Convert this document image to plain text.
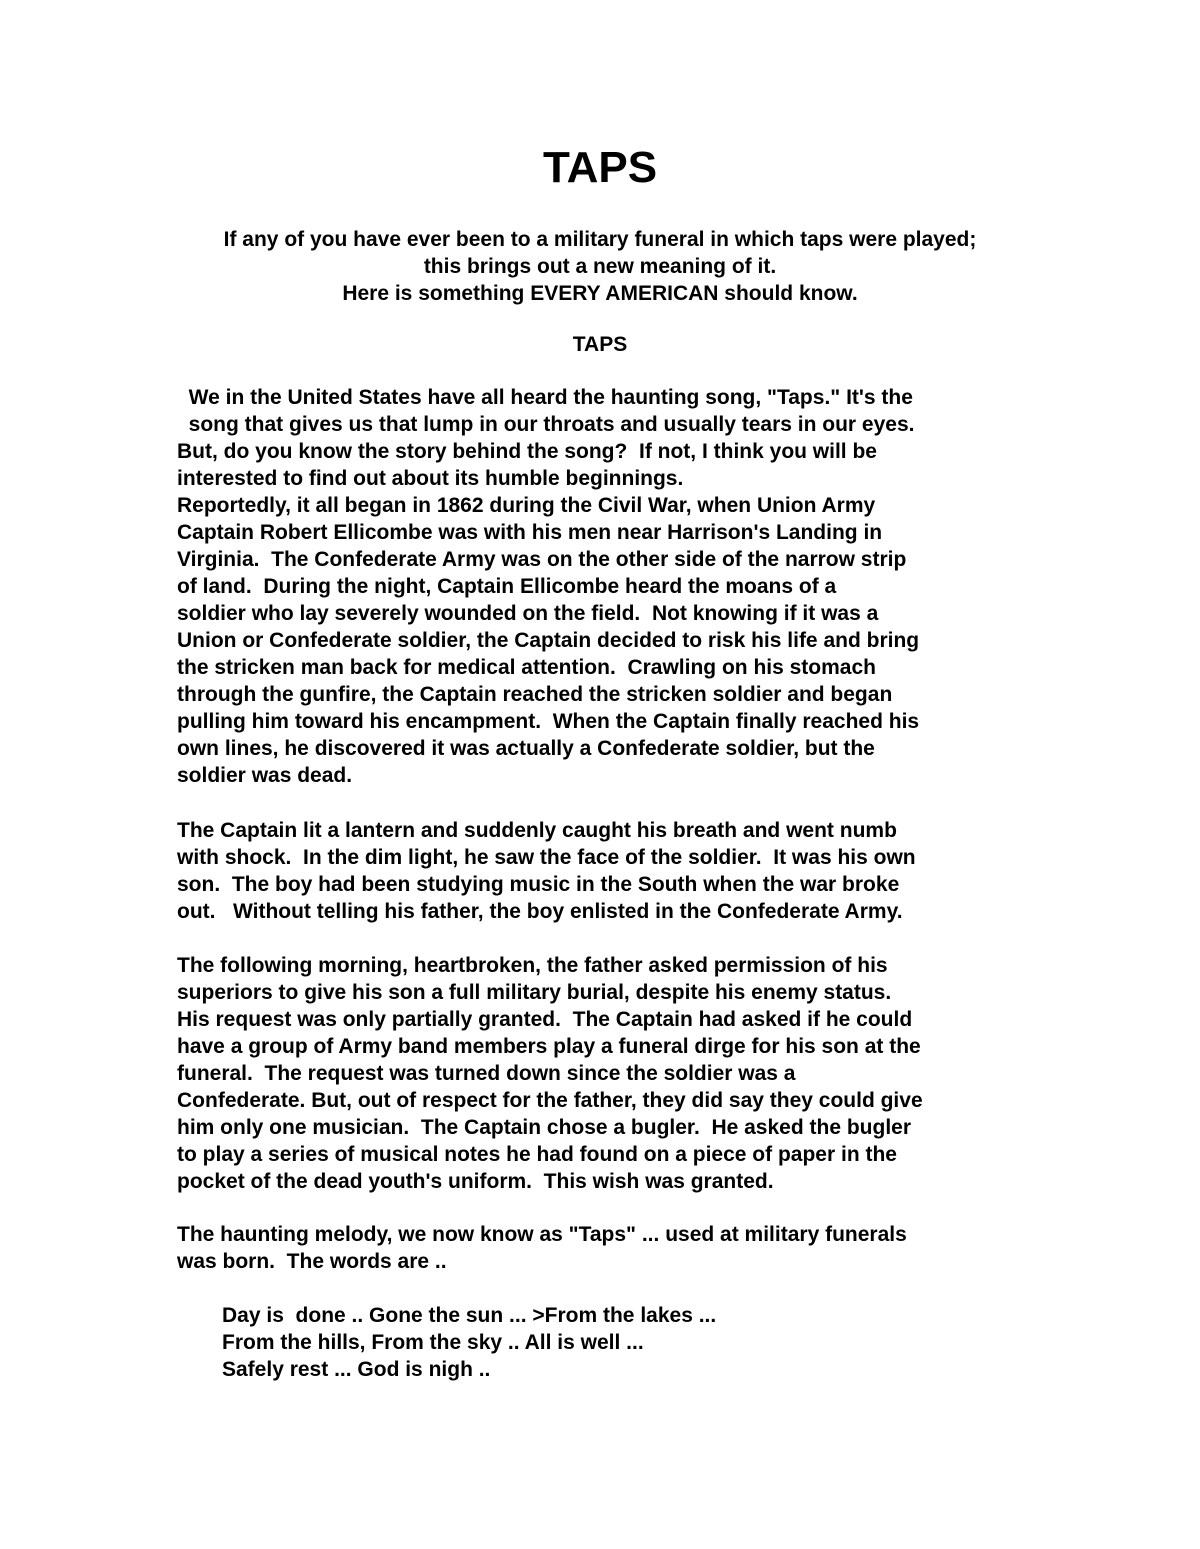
TAPS
If any of you have ever been to a military funeral in which taps were played;
this brings out a new meaning of it.
Here is something EVERY AMERICAN should know.
TAPS
We in the United States have all heard the haunting song, "Taps." It's the
song that gives us that lump in our throats and usually tears in our eyes.
But, do you know the story behind the song?  If not, I think you will be
interested to find out about its humble beginnings.
Reportedly, it all began in 1862 during the Civil War, when Union Army
Captain Robert Ellicombe was with his men near Harrison's Landing in
Virginia.  The Confederate Army was on the other side of the narrow strip
of land.  During the night, Captain Ellicombe heard the moans of a
soldier who lay severely wounded on the field.  Not knowing if it was a
Union or Confederate soldier, the Captain decided to risk his life and bring
the stricken man back for medical attention.  Crawling on his stomach
through the gunfire, the Captain reached the stricken soldier and began
pulling him toward his encampment.  When the Captain finally reached his
own lines, he discovered it was actually a Confederate soldier, but the
soldier was dead.
The Captain lit a lantern and suddenly caught his breath and went numb
with shock.  In the dim light, he saw the face of the soldier.  It was his own
son.  The boy had been studying music in the South when the war broke
out.   Without telling his father, the boy enlisted in the Confederate Army.
The following morning, heartbroken, the father asked permission of his
superiors to give his son a full military burial, despite his enemy status.
His request was only partially granted.  The Captain had asked if he could
have a group of Army band members play a funeral dirge for his son at the
funeral.  The request was turned down since the soldier was a
Confederate. But, out of respect for the father, they did say they could give
him only one musician.  The Captain chose a bugler.  He asked the bugler
to play a series of musical notes he had found on a piece of paper in the
pocket of the dead youth's uniform.  This wish was granted.
The haunting melody, we now know as "Taps" ... used at military funerals
was born.  The words are ..
Day is  done .. Gone the sun ... >From the lakes ...
From the hills, From the sky .. All is well ...
Safely rest ... God is nigh ..
